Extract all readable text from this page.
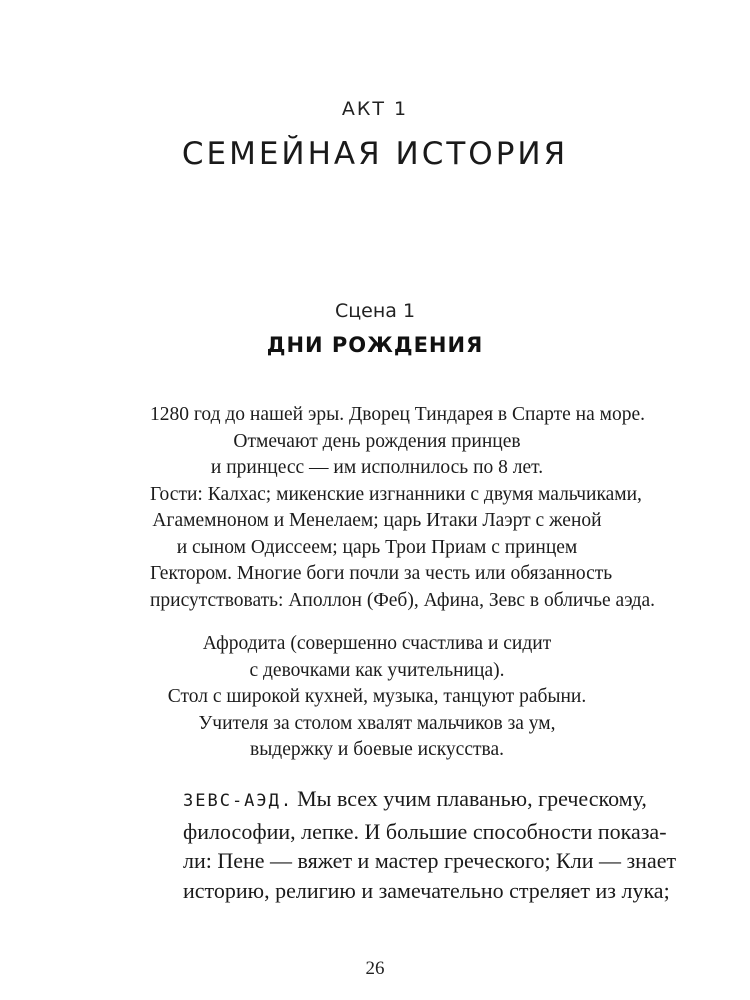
АКТ 1
СЕМЕЙНАЯ ИСТОРИЯ
Сцена 1
ДНИ РОЖДЕНИЯ
1280 год до нашей эры. Дворец Тиндарея в Спарте на море.
Отмечают день рождения принцев
и принцесс — им исполнилось по 8 лет.
Гости: Калхас; микенские изгнанники с двумя мальчиками,
Агамемноном и Менелаем; царь Итаки Лаэрт с женой
и сыном Одиссеем; царь Трои Приам с принцем
Гектором. Многие боги почли за честь или обязанность
присутствовать: Аполлон (Феб), Афина, Зевс в обличье аэда.
Афродита (совершенно счастлива и сидит
с девочками как учительница).
Стол с широкой кухней, музыка, танцуют рабыни.
Учителя за столом хвалят мальчиков за ум,
выдержку и боевые искусства.
ЗЕВС-АЭД. Мы всех учим плаванью, греческому,
философии, лепке. И большие способности показа-
ли: Пене — вяжет и мастер греческого; Кли — знает
историю, религию и замечательно стреляет из лука;
26
